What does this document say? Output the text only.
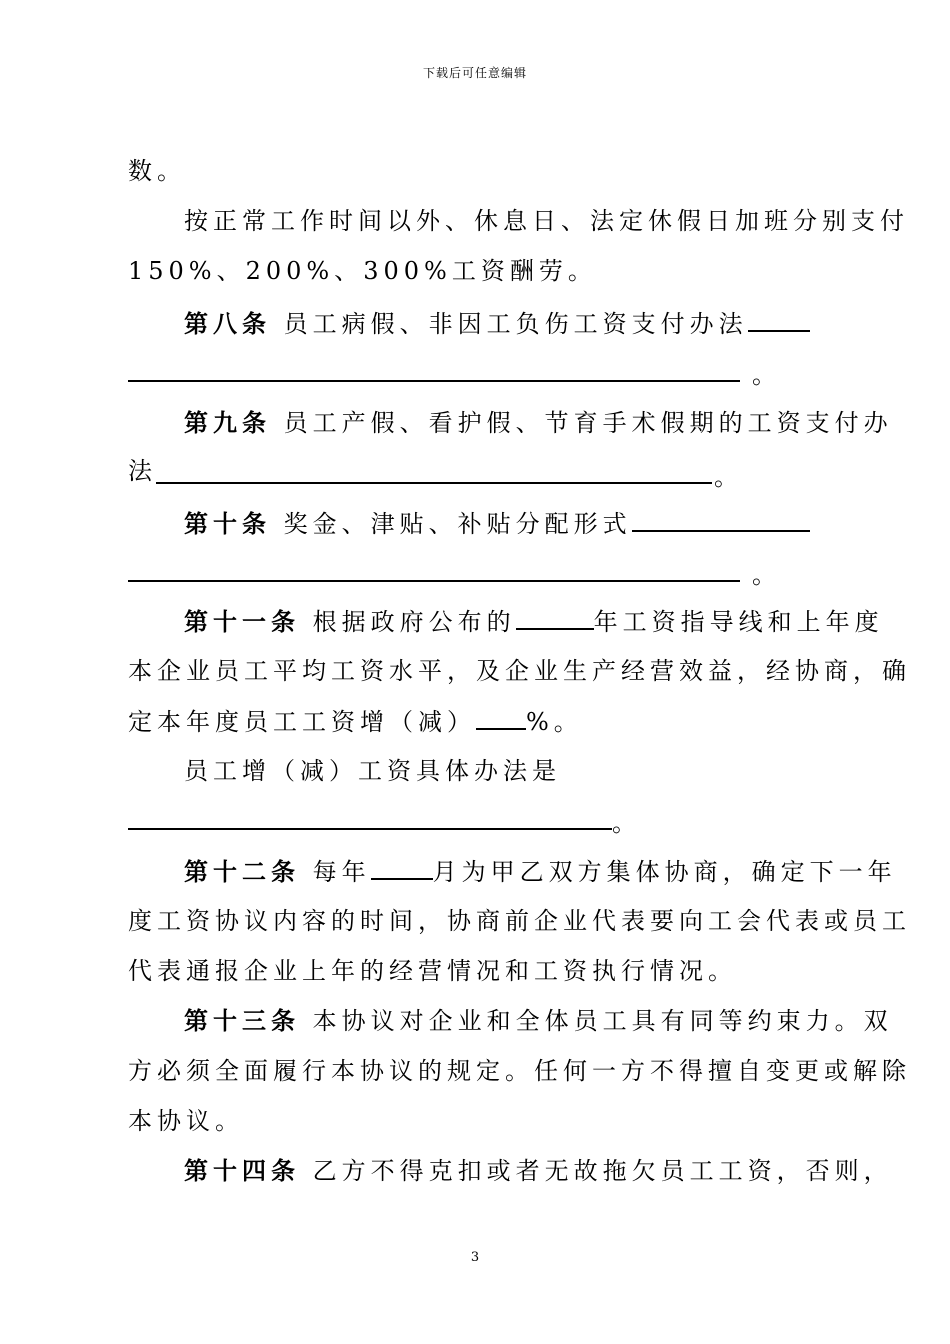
下载后可任意编辑
数。
按正常工作时间以外、休息日、法定休假日加班分别支付
150%、200%、300%工资酬劳。
第八条 员工病假、非因工负伤工资支付办法
。
第九条 员工产假、看护假、节育手术假期的工资支付办
法	。
第十条 奖金、津贴、补贴分配形式
。
第十一条 根据政府公布的	年工资指导线和上年度
本企业员工平均工资水平，及企业生产经营效益，经协商，确
定本年度员工工资增（减） %。
员工增（减）工资具体办法是
。
第十二条 每年	月为甲乙双方集体协商，确定下一年
度工资协议内容的时间，协商前企业代表要向工会代表或员工
代表通报企业上年的经营情况和工资执行情况。
第十三条 本协议对企业和全体员工具有同等约束力。双
方必须全面履行本协议的规定。任何一方不得擅自变更或解除
本协议。
第十四条 乙方不得克扣或者无故拖欠员工工资，否则，
3
